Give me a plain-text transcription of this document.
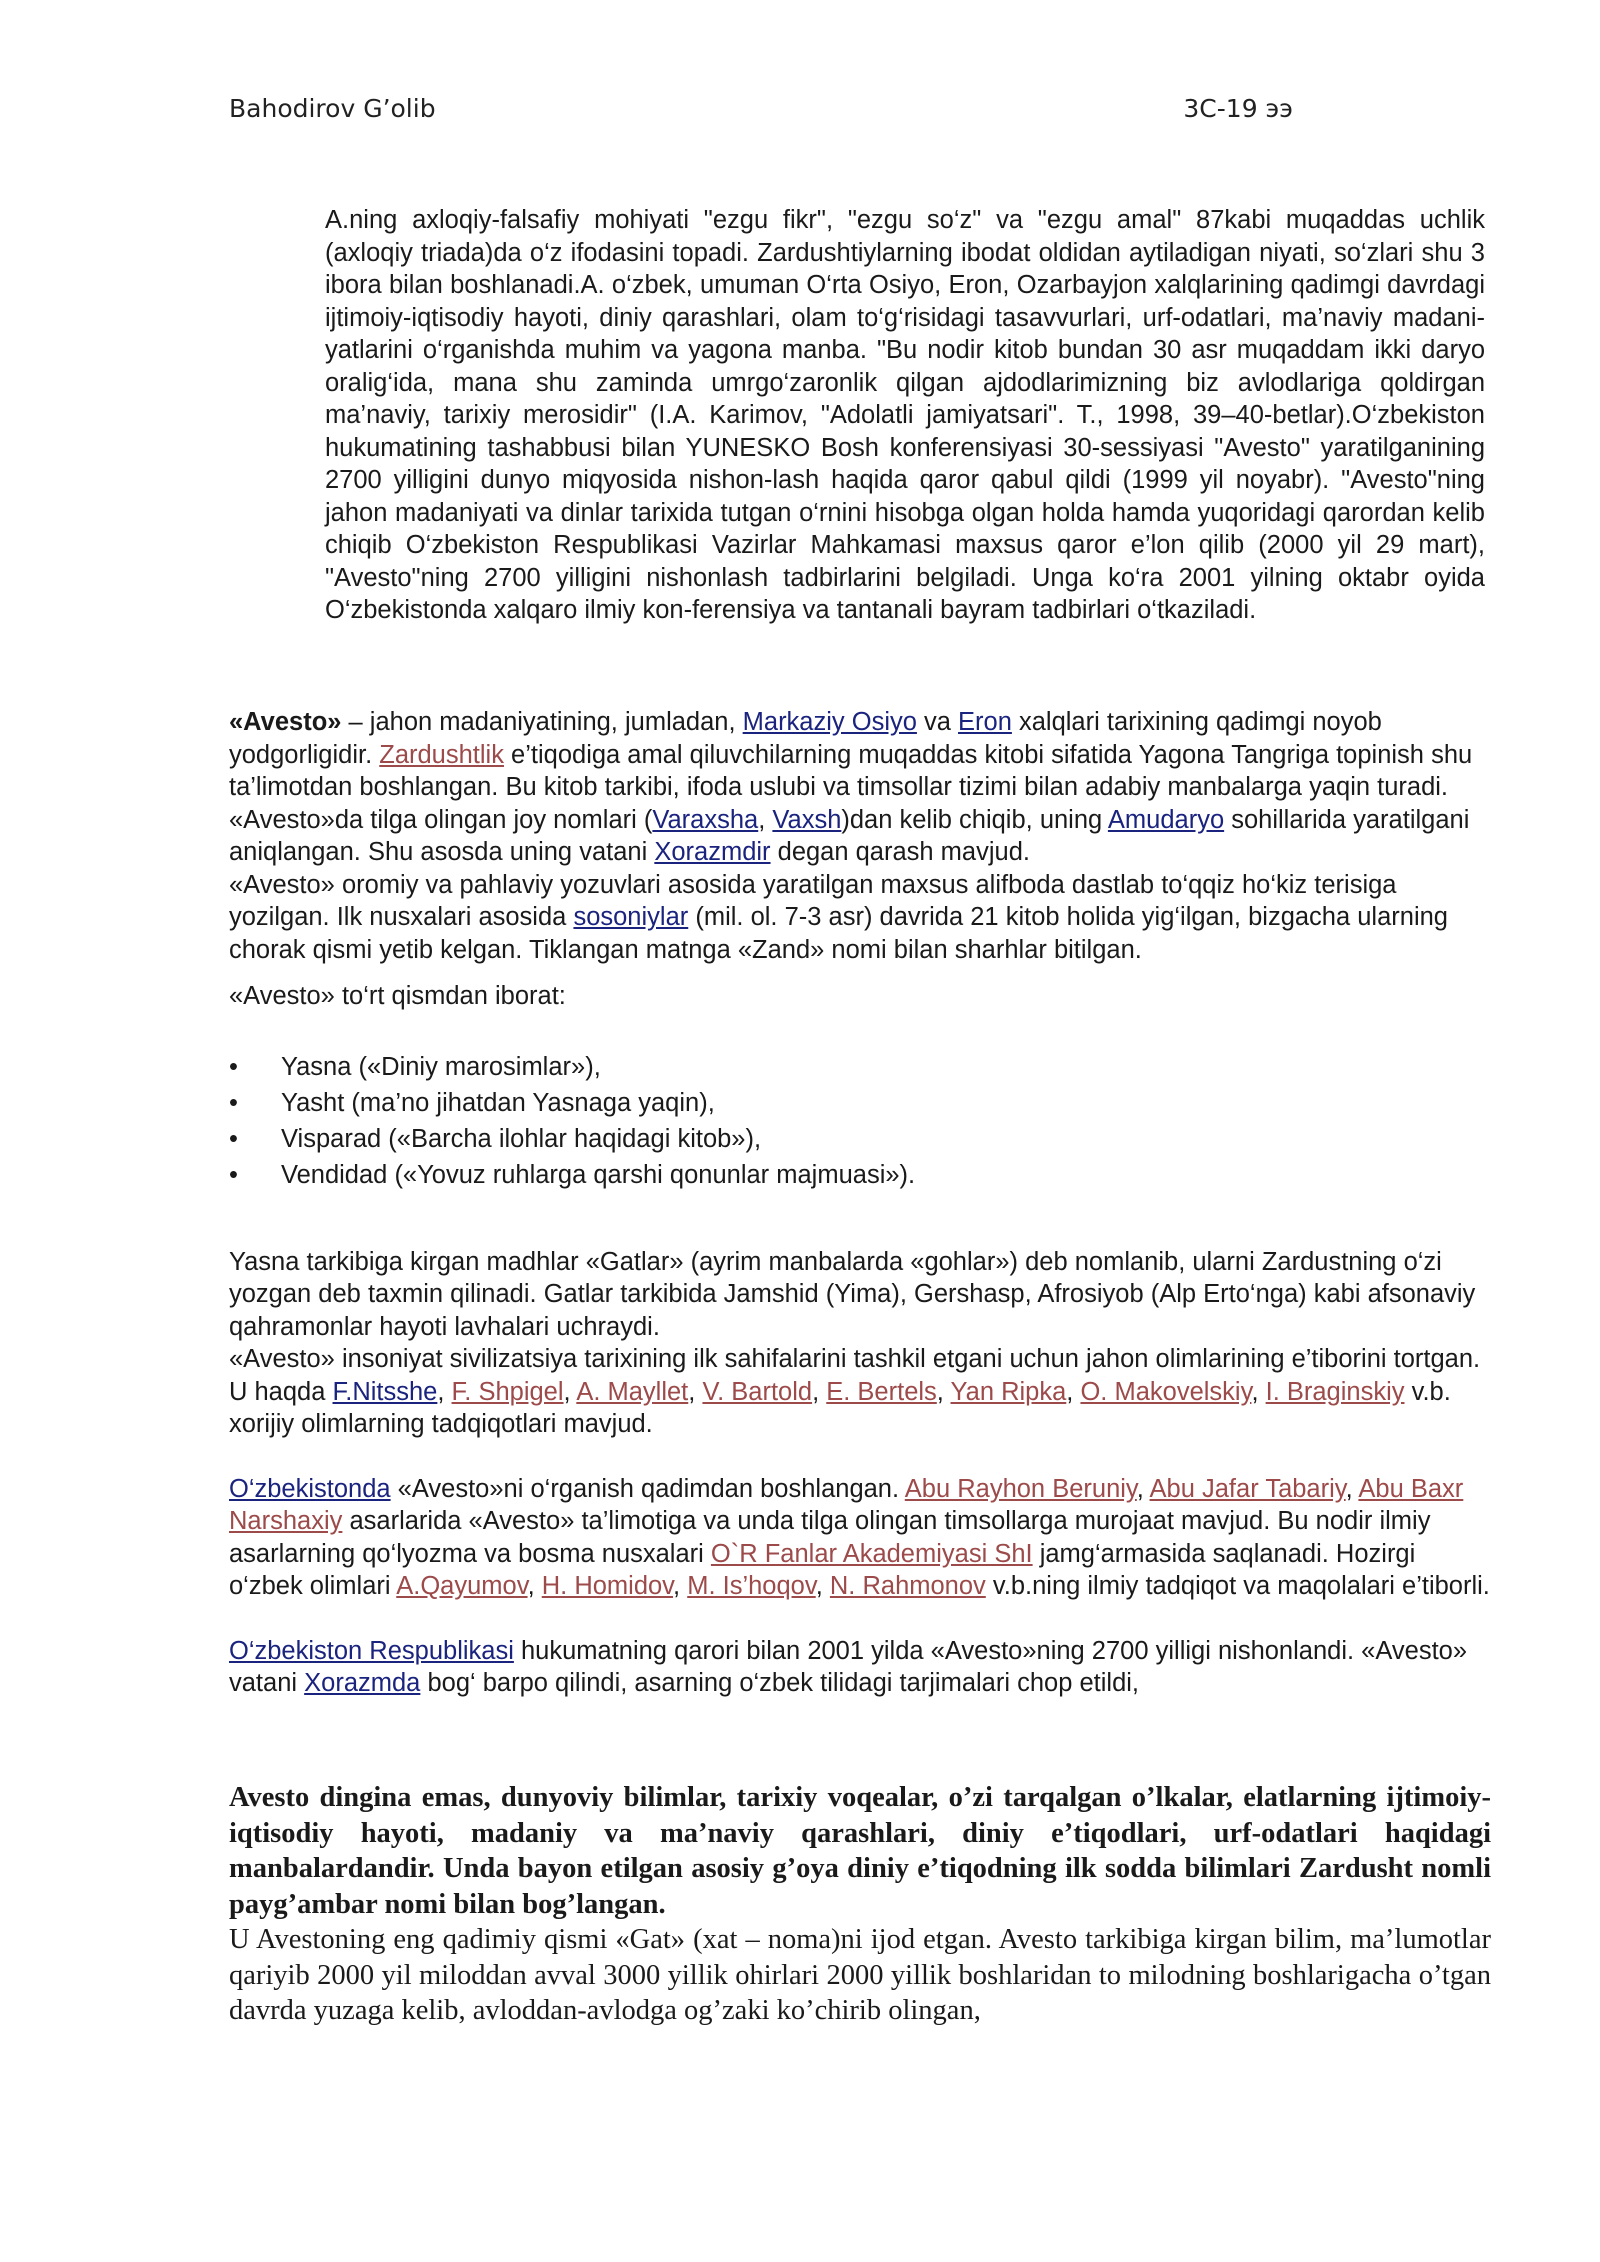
Bahodirov G’olib	3C-19 ээ
A.ning axloqiy-falsafiy mohiyati "ezgu fikr", "ezgu so‘z" va "ezgu amal" 87kabi muqaddas uchlik (axloqiy triada)da o‘z ifodasini topadi. Zardushtiylarning ibodat oldidan aytiladigan niyati, so‘zlari shu 3 ibora bilan boshlanadi.A. o‘zbek, umuman O‘rta Osiyo, Eron, Ozarbayjon xalqlarining qadimgi davrdagi ijtimoiy-iqtisodiy hayoti, diniy qarashlari, olam to‘g‘risidagi tasavvurlari, urf-odatlari, ma’naviy madani-yatlarini o‘rganishda muhim va yagona manba. "Bu nodir kitob bundan 30 asr muqaddam ikki daryo oralig‘ida, mana shu zaminda umrgo‘zaronlik qilgan ajdodlarimizning biz avlodlariga qoldirgan ma’naviy, tarixiy merosidir" (I.A. Karimov, "Adolatli jamiyatsari". T., 1998, 39–40-betlar).O‘zbekiston hukumatining tashabbusi bilan YUNESKO Bosh konferensiyasi 30-sessiyasi "Avesto" yaratilganining 2700 yilligini dunyo miqyosida nishon-lash haqida qaror qabul qildi (1999 yil noyabr). "Avesto"ning jahon madaniyati va dinlar tarixida tutgan o‘rnini hisobga olgan holda hamda yuqoridagi qarordan kelib chiqib O‘zbekiston Respublikasi Vazirlar Mahkamasi maxsus qaror e’lon qilib (2000 yil 29 mart), "Avesto"ning 2700 yilligini nishonlash tadbirlarini belgiladi. Unga ko‘ra 2001 yilning oktabr oyida O‘zbekistonda xalqaro ilmiy kon-ferensiya va tantanali bayram tadbirlari o‘tkaziladi.

«Avesto» – jahon madaniyatining, jumladan, Markaziy Osiyo va Eron xalqlari tarixining qadimgi noyob yodgorligidir. Zardushtlik e’tiqodiga amal qiluvchilarning muqaddas kitobi sifatida Yagona Tangriga topinish shu ta’limotdan boshlangan. Bu kitob tarkibi, ifoda uslubi va timsollar tizimi bilan adabiy manbalarga yaqin turadi. «Avesto»da tilga olingan joy nomlari (Varaxsha, Vaxsh)dan kelib chiqib, uning Amudaryo sohillarida yaratilgani aniqlangan. Shu asosda uning vatani Xorazmdir degan qarash mavjud.

«Avesto» oromiy va pahlaviy yozuvlari asosida yaratilgan maxsus alifboda dastlab to‘qqiz ho‘kiz terisiga yozilgan. Ilk nusxalari asosida sosoniylar (mil. ol. 7-3 asr) davrida 21 kitob holida yig‘ilgan, bizgacha ularning chorak qismi yetib kelgan. Tiklangan matnga «Zand» nomi bilan sharhlar bitilgan.

«Avesto» to‘rt qismdan iborat:

•	Yasna («Diniy marosimlar»),
•	Yasht (ma’no jihatdan Yasnaga yaqin),
•	Visparad («Barcha ilohlar haqidagi kitob»),
•	Vendidad («Yovuz ruhlarga qarshi qonunlar majmuasi»).

Yasna tarkibiga kirgan madhlar «Gatlar» (ayrim manbalarda «gohlar») deb nomlanib, ularni Zardustning o‘zi yozgan deb taxmin qilinadi. Gatlar tarkibida Jamshid (Yima), Gershasp, Afrosiyob (Alp Erto‘nga) kabi afsonaviy qahramonlar hayoti lavhalari uchraydi.

«Avesto» insoniyat sivilizatsiya tarixining ilk sahifalarini tashkil etgani uchun jahon olimlarining e’tiborini tortgan. U haqda F.Nitsshe, F. Shpigel, A. Mayllet, V. Bartold, E. Bertels, Yan Ripka, O. Makovelskiy, I. Braginskiy v.b. xorijiy olimlarning tadqiqotlari mavjud.

O‘zbekistonda «Avesto»ni o‘rganish qadimdan boshlangan. Abu Rayhon Beruniy, Abu Jafar Tabariy, Abu Baxr Narshaxiy asarlarida «Avesto» ta’limotiga va unda tilga olingan timsollarga murojaat mavjud. Bu nodir ilmiy asarlarning qo‘lyozma va bosma nusxalari O`R Fanlar Akademiyasi ShI jamg‘armasida saqlanadi. Hozirgi o‘zbek olimlari A.Qayumov, H. Homidov, M. Is’hoqov, N. Rahmonov v.b.ning ilmiy tadqiqot va maqolalari e’tiborli.

O‘zbekiston Respublikasi hukumatning qarori bilan 2001 yilda «Avesto»ning 2700 yilligi nishonlandi. «Avesto» vatani Xorazmda bog‘ barpo qilindi, asarning o‘zbek tilidagi tarjimalari chop etildi,

Avesto dingina emas, dunyoviy bilimlar, tarixiy voqealar, o’zi tarqalgan o’lkalar, elatlarning ijtimoiy-iqtisodiy hayoti, madaniy va ma’naviy qarashlari, diniy e’tiqodlari, urf-odatlari haqidagi manbalardandir. Unda bayon etilgan asosiy g’oya diniy e’tiqodning ilk sodda bilimlari Zardusht nomli payg’ambar nomi bilan bog’langan.

U Avestoning eng qadimiy qismi «Gat» (xat – noma)ni ijod etgan. Avesto tarkibiga kirgan bilim, ma’lumotlar qariyib 2000 yil miloddan avval 3000 yillik ohirlari 2000 yillik boshlaridan to milodning boshlarigacha o’tgan davrda yuzaga kelib, avloddan-avlodga og’zaki ko’chirib olingan,
